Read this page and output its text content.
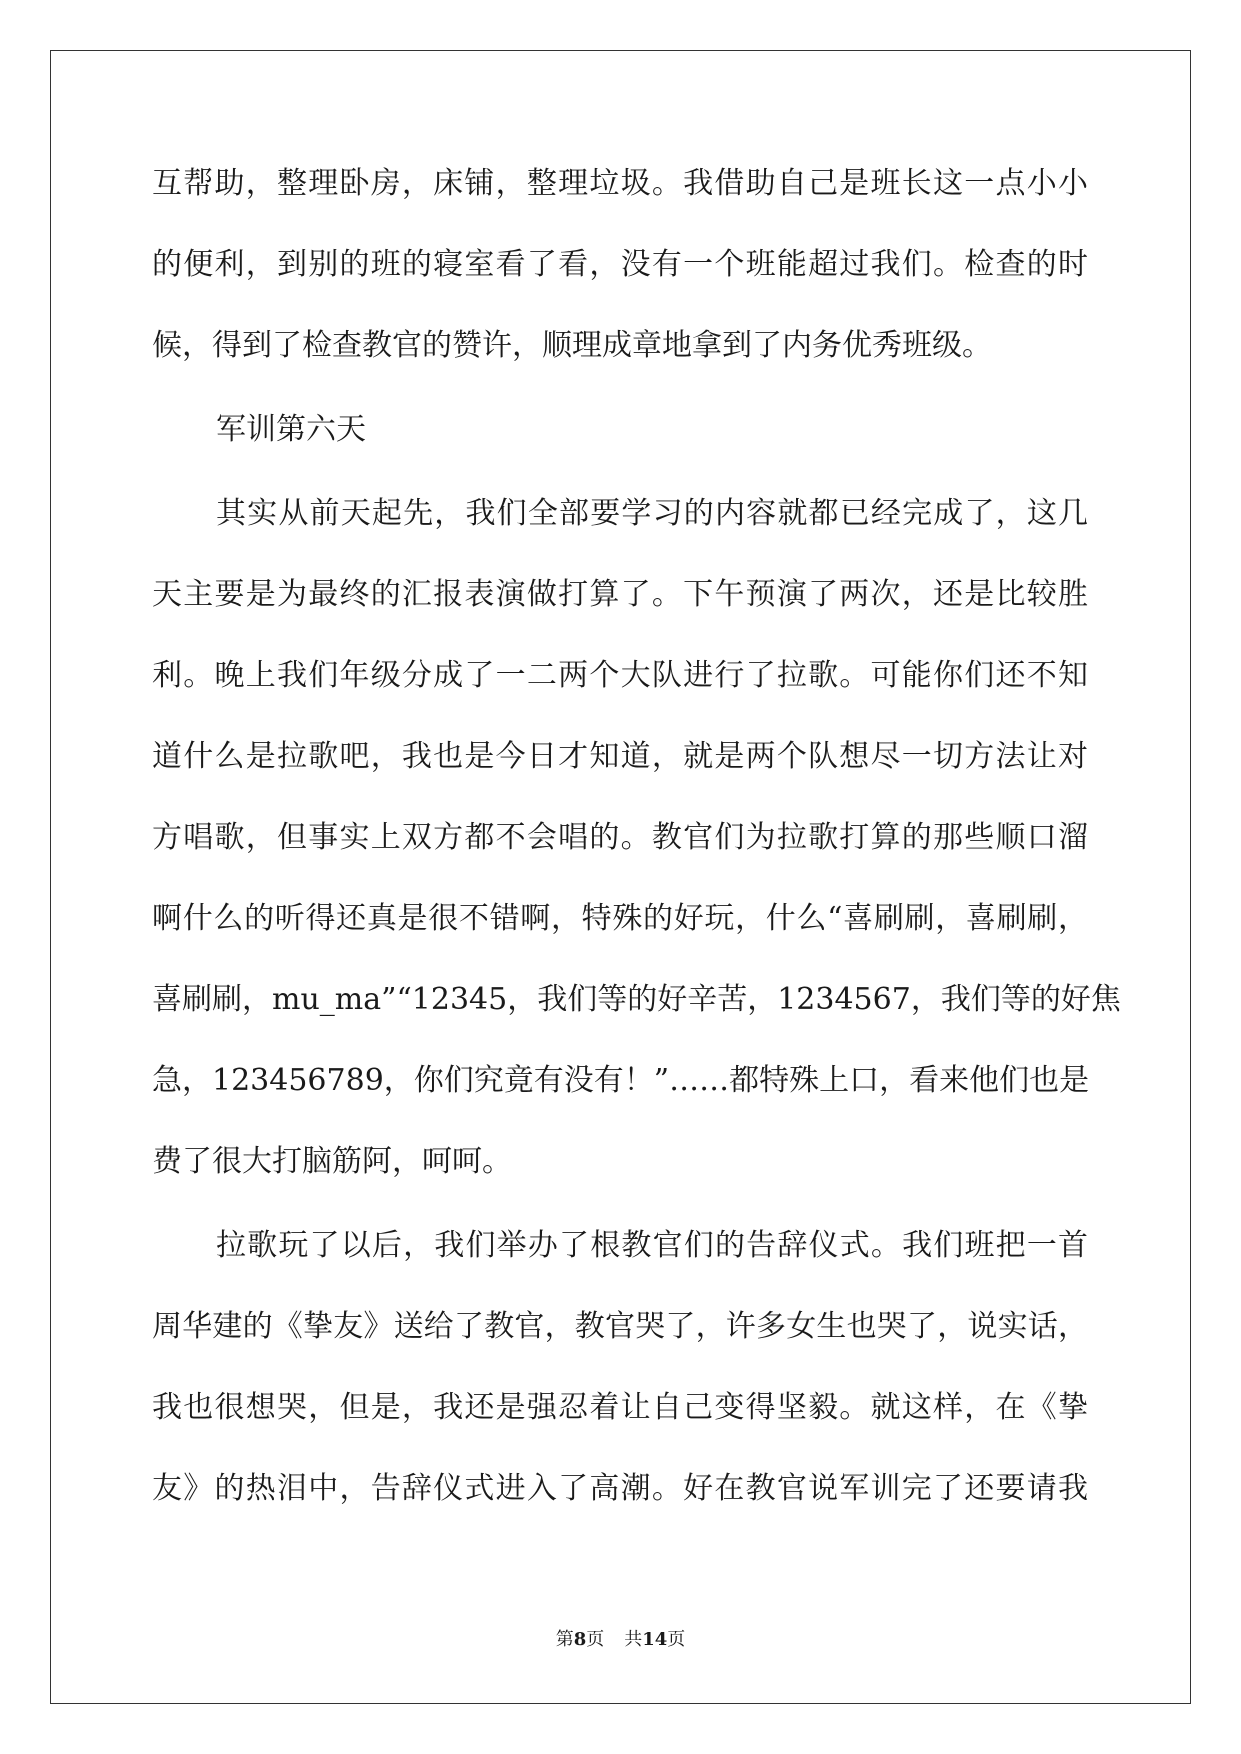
互帮助，整理卧房，床铺，整理垃圾。我借助自己是班长这一点小小
的便利，到别的班的寝室看了看，没有一个班能超过我们。检查的时
候，得到了检查教官的赞许，顺理成章地拿到了内务优秀班级。
军训第六天
其实从前天起先，我们全部要学习的内容就都已经完成了，这几
天主要是为最终的汇报表演做打算了。下午预演了两次，还是比较胜
利。晚上我们年级分成了一二两个大队进行了拉歌。可能你们还不知
道什么是拉歌吧，我也是今日才知道，就是两个队想尽一切方法让对
方唱歌，但事实上双方都不会唱的。教官们为拉歌打算的那些顺口溜
啊什么的听得还真是很不错啊，特殊的好玩，什么“喜刷刷，喜刷刷，
喜刷刷，mu_ma”“12345，我们等的好辛苦，1234567，我们等的好焦
急，123456789，你们究竟有没有！”……都特殊上口，看来他们也是
费了很大打脑筋阿，呵呵。
拉歌玩了以后，我们举办了根教官们的告辞仪式。我们班把一首
周华建的《挚友》送给了教官，教官哭了，许多女生也哭了，说实话，
我也很想哭，但是，我还是强忍着让自己变得坚毅。就这样，在《挚
友》的热泪中，告辞仪式进入了高潮。好在教官说军训完了还要请我
第8页 共14页
